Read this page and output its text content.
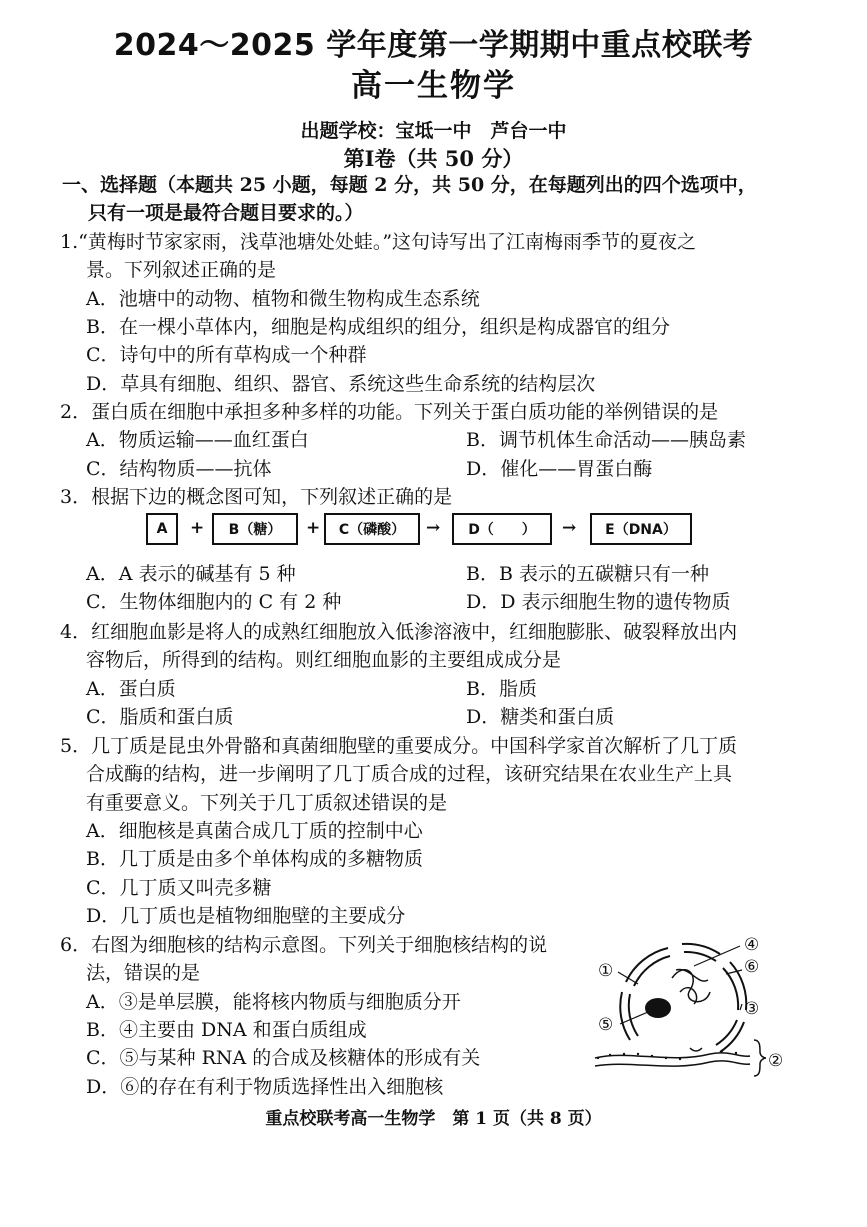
2024～2025 学年度第一学期期中重点校联考
高一生物学
出题学校：宝坻一中　芦台一中
第Ⅰ卷（共 50 分）
一、选择题（本题共 25 小题，每题 2 分，共 50 分，在每题列出的四个选项中，
只有一项是最符合题目要求的。）
1.“黄梅时节家家雨，浅草池塘处处蛙。”这句诗写出了江南梅雨季节的夏夜之
景。下列叙述正确的是
A．池塘中的动物、植物和微生物构成生态系统
B．在一棵小草体内，细胞是构成组织的组分，组织是构成器官的组分
C．诗句中的所有草构成一个种群
D．草具有细胞、组织、器官、系统这些生命系统的结构层次
2．蛋白质在细胞中承担多种多样的功能。下列关于蛋白质功能的举例错误的是
A．物质运输——血红蛋白	B．调节机体生命活动——胰岛素
C．结构物质——抗体	D．催化——胃蛋白酶
3．根据下边的概念图可知，下列叙述正确的是
A	+	B（糖）	+	C（磷酸）	→	D（　　）	→	E（DNA）
A．A 表示的碱基有 5 种	B．B 表示的五碳糖只有一种
C．生物体细胞内的 C 有 2 种	D．D 表示细胞生物的遗传物质
4．红细胞血影是将人的成熟红细胞放入低渗溶液中，红细胞膨胀、破裂释放出内
容物后，所得到的结构。则红细胞血影的主要组成成分是
A．蛋白质	B．脂质
C．脂质和蛋白质	D．糖类和蛋白质
5．几丁质是昆虫外骨骼和真菌细胞壁的重要成分。中国科学家首次解析了几丁质
合成酶的结构，进一步阐明了几丁质合成的过程，该研究结果在农业生产上具
有重要意义。下列关于几丁质叙述错误的是
A．细胞核是真菌合成几丁质的控制中心
B．几丁质是由多个单体构成的多糖物质
C．几丁质又叫壳多糖
D．几丁质也是植物细胞壁的主要成分
6．右图为细胞核的结构示意图。下列关于细胞核结构的说
法，错误的是
A．③是单层膜，能将核内物质与细胞质分开
B．④主要由 DNA 和蛋白质组成
C．⑤与某种 RNA 的合成及核糖体的形成有关
D．⑥的存在有利于物质选择性出入细胞核
①
②
③
④
⑤
⑥
重点校联考高一生物学　第 1 页（共 8 页）
